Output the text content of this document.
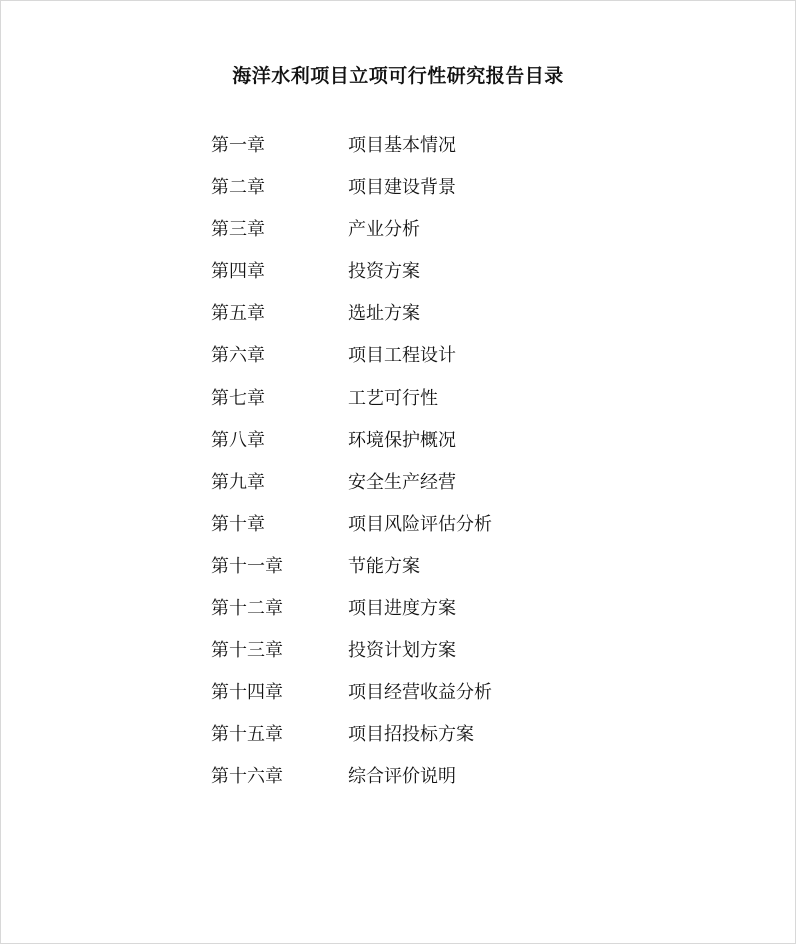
海洋水利项目立项可行性研究报告目录
第一章	项目基本情况
第二章	项目建设背景
第三章	产业分析
第四章	投资方案
第五章	选址方案
第六章	项目工程设计
第七章	工艺可行性
第八章	环境保护概况
第九章	安全生产经营
第十章	项目风险评估分析
第十一章	节能方案
第十二章	项目进度方案
第十三章	投资计划方案
第十四章	项目经营收益分析
第十五章	项目招投标方案
第十六章	综合评价说明
